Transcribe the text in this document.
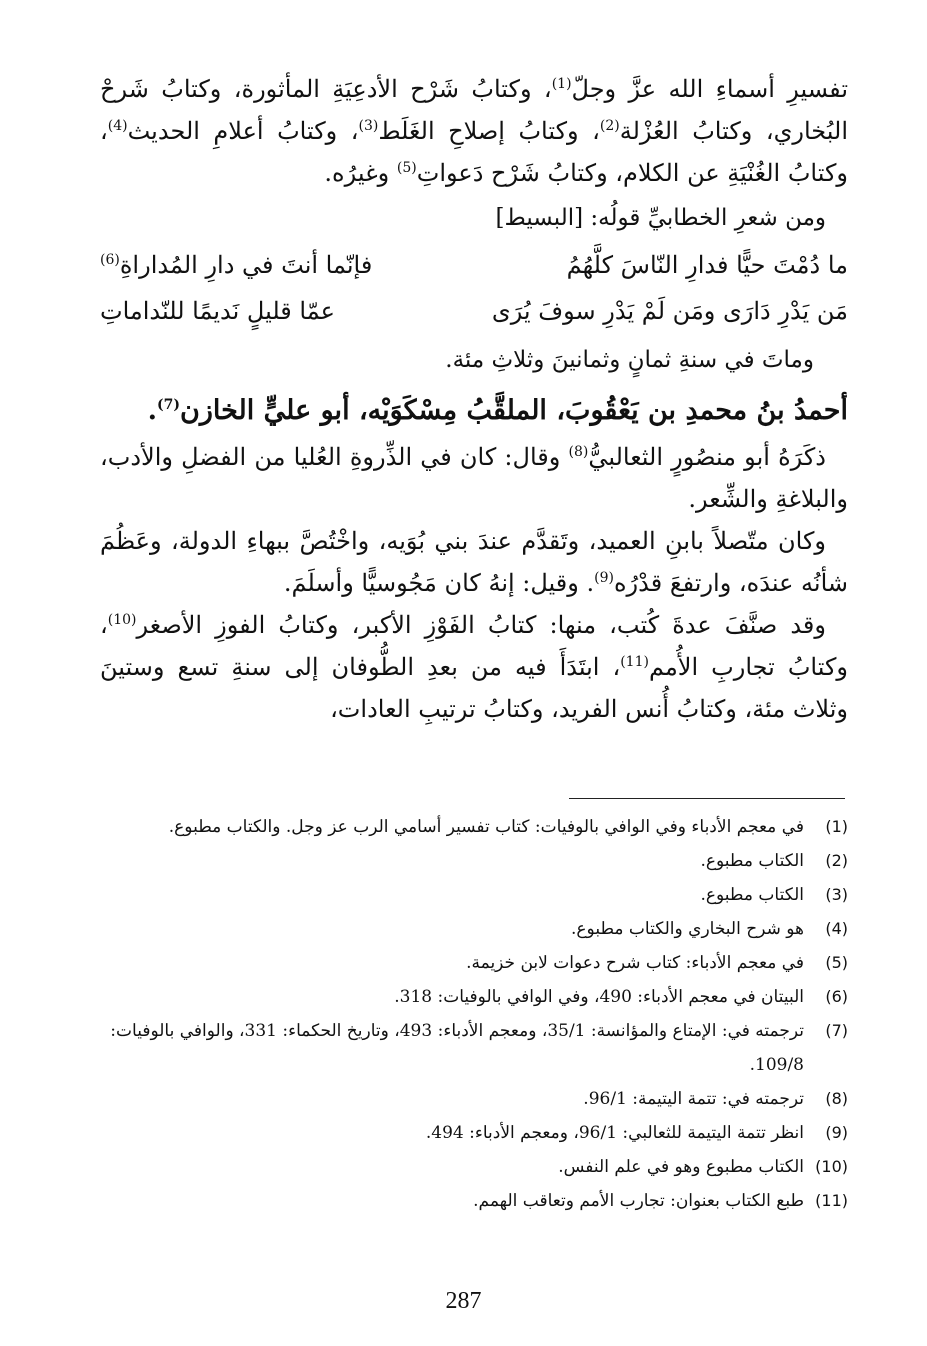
تفسيرِ أسماءِ الله عزَّ وجلّ$^{(1)}$، وكتابُ شَرْح الأدعِيَةِ المأثورة، وكتابُ شَرحْ البُخاري، وكتابُ العُزْلة$^{(2)}$، وكتابُ إصلاحِ الغَلَط$^{(3)}$، وكتابُ أعلامِ الحديث$^{(4)}$، وكتابُ الغُنْيَةِ عن الكلام، وكتابُ شَرْح دَعواتِ$^{(5)}$ وغيرُه.

ومن شعرِ الخطابيِّ قولُه: [البسيط]

ما دُمْتَ حيًّا فدارِ النّاسَ كلَّهُمُ
فإنّما أنتَ في دارِ المُداراةِ$^{(6)}$
مَن يَدْرِ دَارَى ومَن لَمْ يَدْرِ سوفَ يُرَى
عمّا قليلٍ نَديمًا للنّداماتِ

وماتَ في سنةِ ثمانٍ وثمانينَ وثلاثِ مئة.

أحمدُ بنُ محمدِ بن يَعْقُوبَ، الملقَّبُ مِسْكَوَيْه، أبو عليٍّ الخازن$^{(7)}$.

ذكَرَهُ أبو منصُورٍ الثعالبيُّ$^{(8)}$ وقال: كان في الذِّروةِ العُليا من الفضلِ والأدب، والبلاغةِ والشِّعر.

وكان متّصلاً بابنِ العميد، وتَقدَّم عندَ بني بُوَيه، واخْتُصَّ ببهاءِ الدولة، وعَظُمَ شأنُه عندَه، وارتفعَ قدْرُه$^{(9)}$. وقيل: إنهُ كان مَجُوسيًّا وأسلَمَ.

وقد صنَّفَ عدةَ كُتب، منها: كتابُ الفَوْزِ الأكبر، وكتابُ الفوزِ الأصغر$^{(10)}$، وكتابُ تجاربِ الأُمم$^{(11)}$، ابتَدَأَ فيه من بعدِ الطُّوفان إلى سنةِ تسع وستينَ وثلاث مئة، وكتابُ أُنس الفريد، وكتابُ ترتيبِ العادات،

(1)
في معجم الأدباء وفي الوافي بالوفيات: كتاب تفسير أسامي الرب عز وجل. والكتاب مطبوع.
(2)
الكتاب مطبوع.
(3)
الكتاب مطبوع.
(4)
هو شرح البخاري والكتاب مطبوع.
(5)
في معجم الأدباء: كتاب شرح دعوات لابن خزيمة.
(6)
البيتان في معجم الأدباء: 490، وفي الوافي بالوفيات: 318.
(7)
ترجمته في: الإمتاع والمؤانسة: 35/1، ومعجم الأدباء: 493، وتاريخ الحكماء: 331، والوافي بالوفيات: 109/8.
(8)
ترجمته في: تتمة اليتيمة: 96/1.
(9)
انظر تتمة اليتيمة للثعالبي: 96/1، ومعجم الأدباء: 494.
(10)
الكتاب مطبوع وهو في علم النفس.
(11)
طبع الكتاب بعنوان: تجارب الأمم وتعاقب الهمم.
287
